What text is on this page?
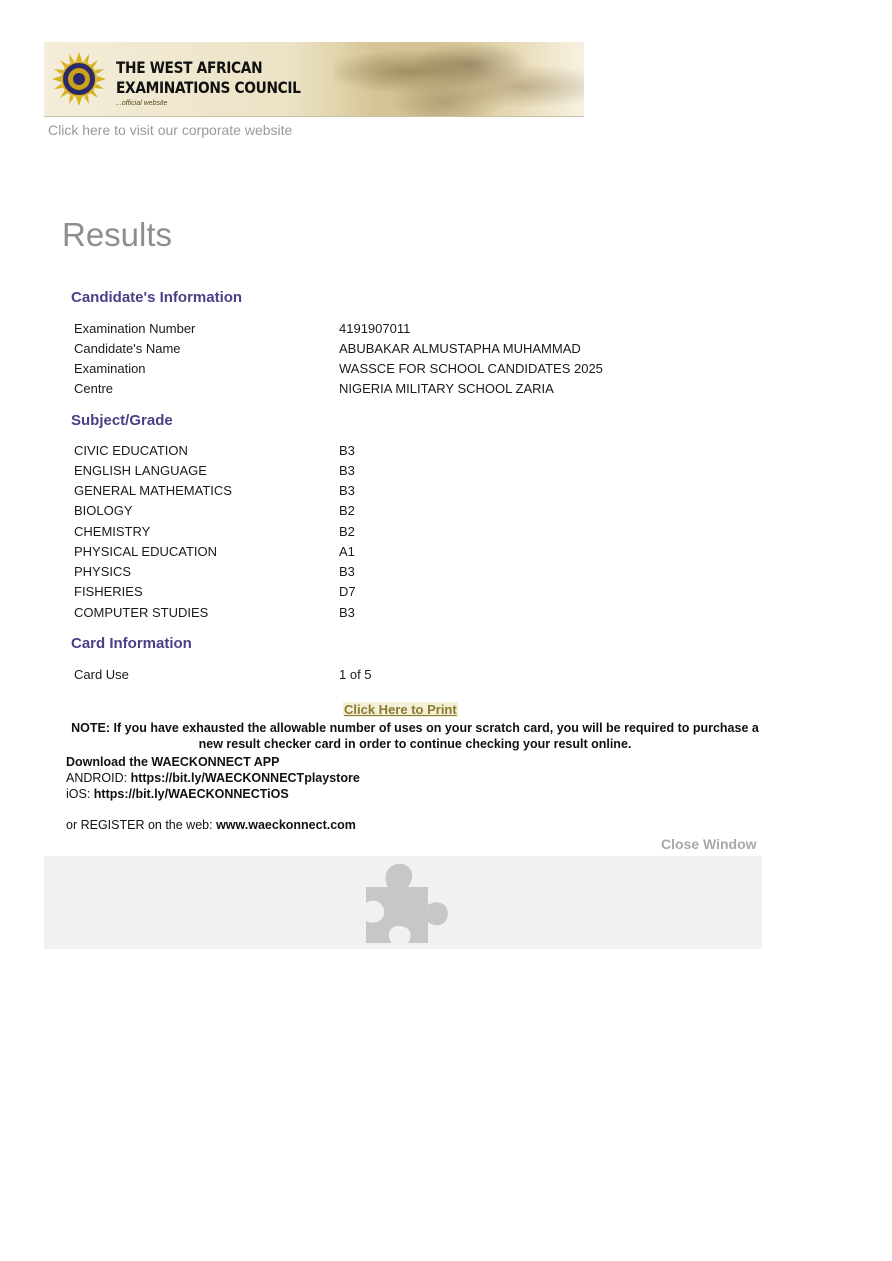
THE WEST AFRICAN
EXAMINATIONS COUNCIL
...official website
Click here to visit our corporate website
Results
Candidate's Information
Examination Number	4191907011
Candidate's Name	ABUBAKAR ALMUSTAPHA MUHAMMAD
Examination	WASSCE FOR SCHOOL CANDIDATES 2025
Centre	NIGERIA MILITARY SCHOOL ZARIA
Subject/Grade
CIVIC EDUCATION	B3
ENGLISH LANGUAGE	B3
GENERAL MATHEMATICS	B3
BIOLOGY	B2
CHEMISTRY	B2
PHYSICAL EDUCATION	A1
PHYSICS	B3
FISHERIES	D7
COMPUTER STUDIES	B3
Card Information
Card Use	1 of 5
Click Here to Print

NOTE: If you have exhausted the allowable number of uses on your scratch card, you will be required to purchase a new result checker card in order to continue checking your result online.

Download the WAECKONNECT APP
ANDROID: https://bit.ly/WAECKONNECTplaystore
iOS: https://bit.ly/WAECKONNECTiOS
or REGISTER on the web: www.waeckonnect.com
Close Window
